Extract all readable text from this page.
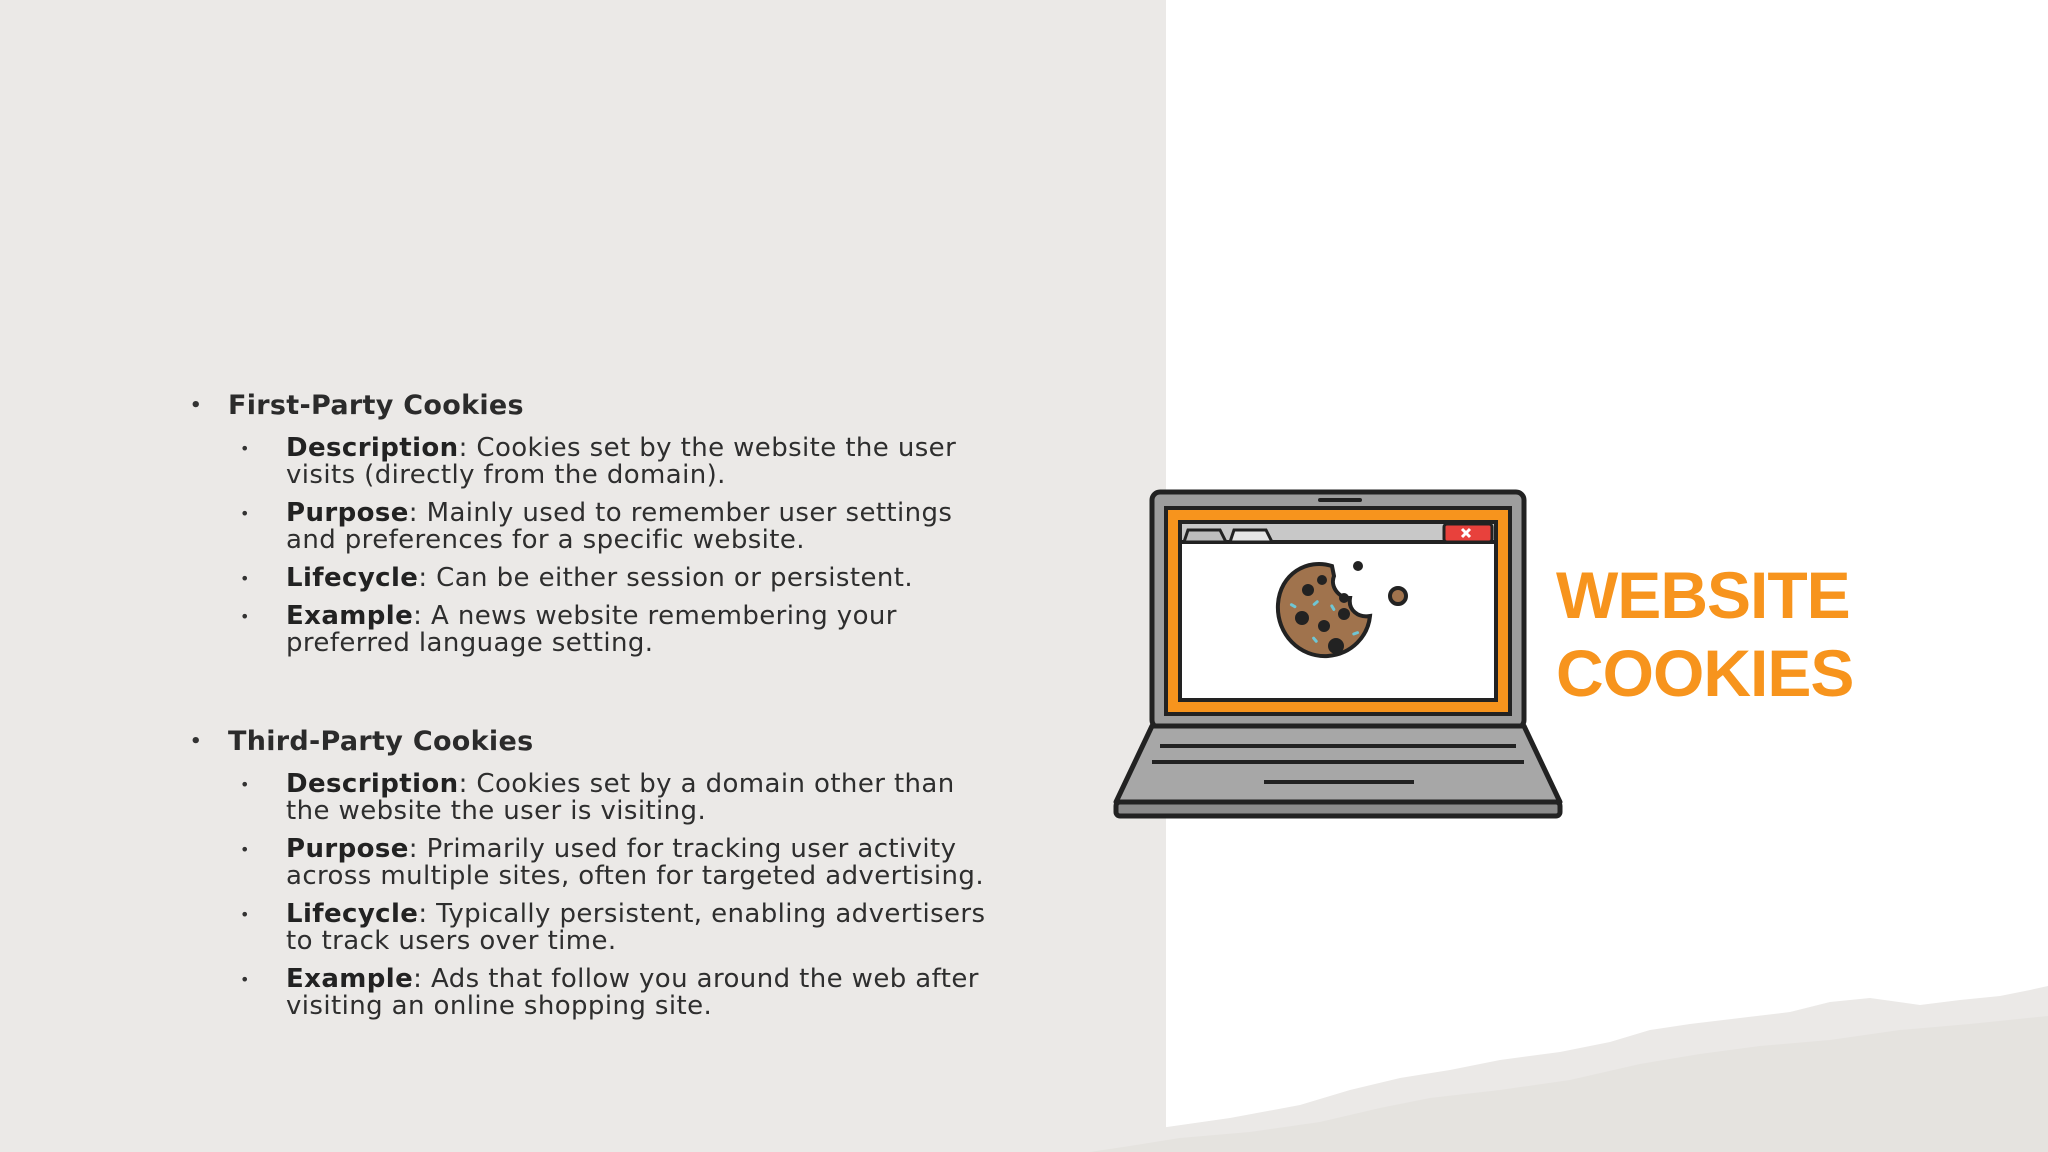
• First-Party Cookies
• Description: Cookies set by the website the user
visits (directly from the domain).
• Purpose: Mainly used to remember user settings
and preferences for a specific website.
• Lifecycle: Can be either session or persistent.
• Example: A news website remembering your
preferred language setting.
• Third-Party Cookies
• Description: Cookies set by a domain other than
the website the user is visiting.
• Purpose: Primarily used for tracking user activity
across multiple sites, often for targeted advertising.
• Lifecycle: Typically persistent, enabling advertisers
to track users over time.
• Example: Ads that follow you around the web after
visiting an online shopping site.
WEBSITE
COOKIES
